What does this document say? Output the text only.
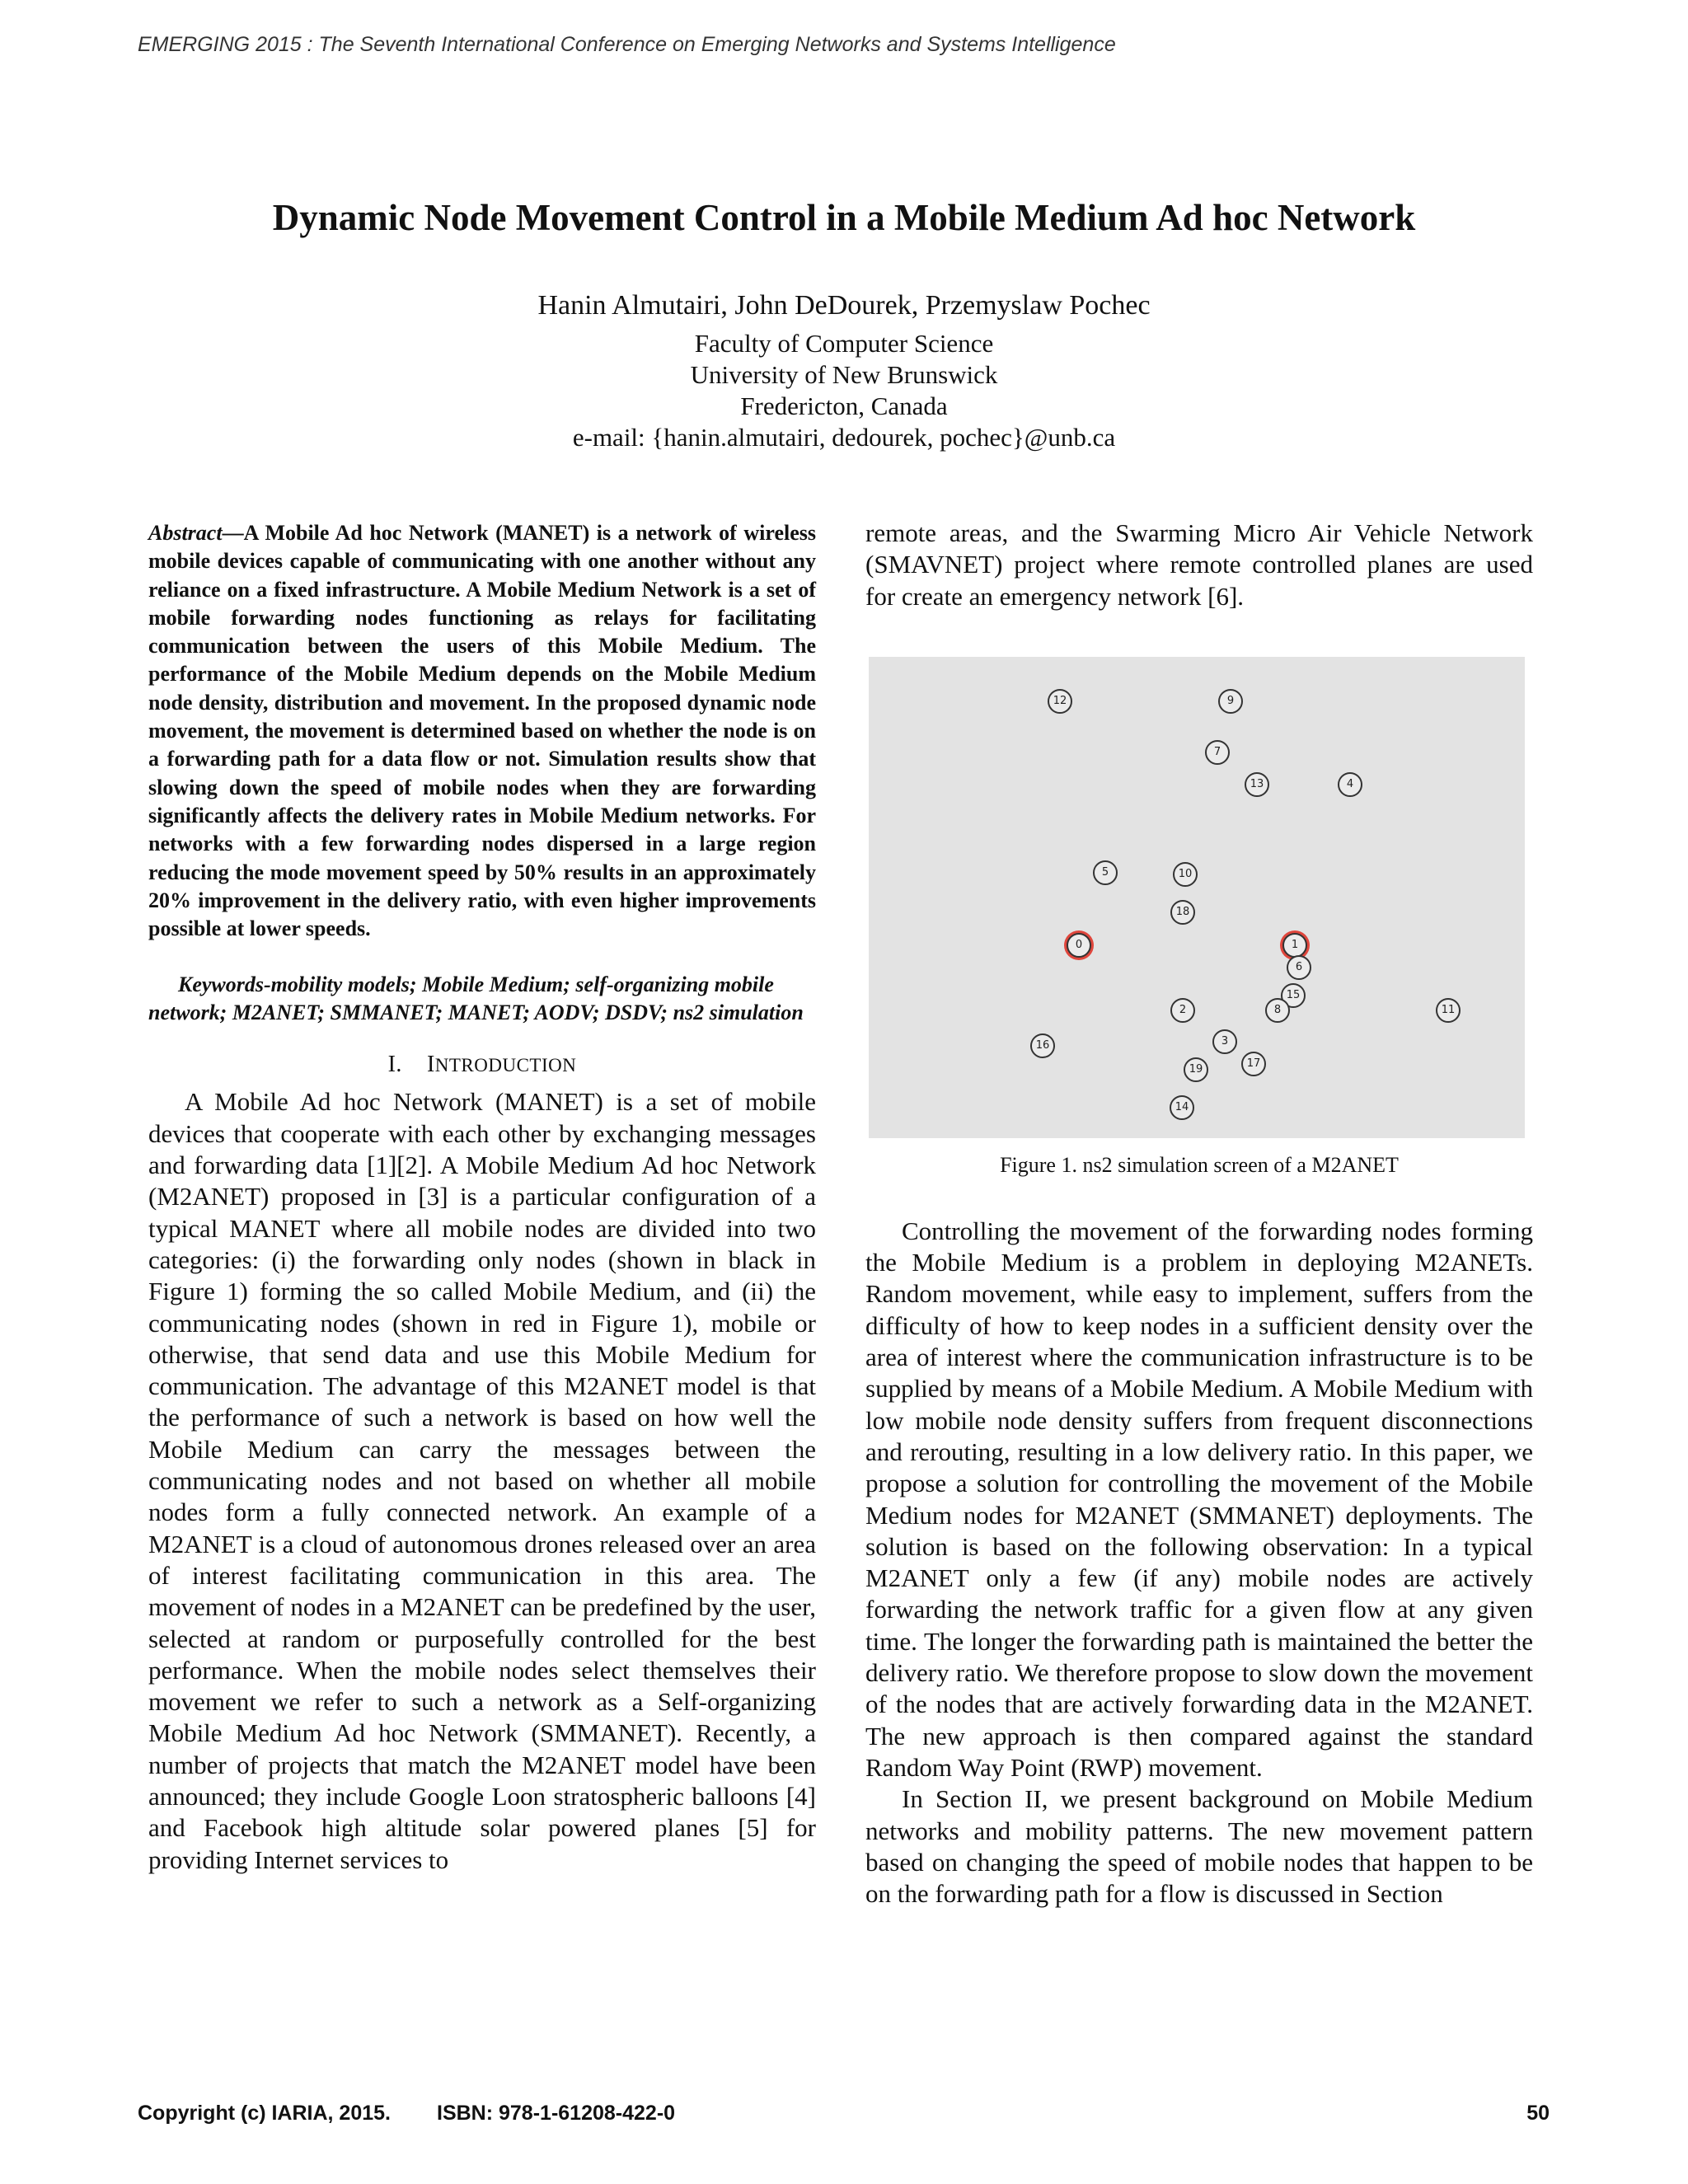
EMERGING 2015 : The Seventh International Conference on Emerging Networks and Systems Intelligence
Dynamic Node Movement Control in a Mobile Medium Ad hoc Network
Hanin Almutairi, John DeDourek, Przemyslaw Pochec
Faculty of Computer Science
University of New Brunswick
Fredericton, Canada
e-mail: {hanin.almutairi, dedourek, pochec}@unb.ca

Abstract—A Mobile Ad hoc Network (MANET) is a network of wireless mobile devices capable of communicating with one another without any reliance on a fixed infrastructure. A Mobile Medium Network is a set of mobile forwarding nodes functioning as relays for facilitating communication between the users of this Mobile Medium. The performance of the Mobile Medium depends on the Mobile Medium node density, distribution and movement. In the proposed dynamic node movement, the movement is determined based on whether the node is on a forwarding path for a data flow or not. Simulation results show that slowing down the speed of mobile nodes when they are forwarding significantly affects the delivery rates in Mobile Medium networks. For networks with a few forwarding nodes dispersed in a large region reducing the mode movement speed by 50% results in an approximately 20% improvement in the delivery ratio, with even higher improvements possible at lower speeds.

Keywords-mobility models; Mobile Medium; self-organizing mobile network; M2ANET; SMMANET; MANET; AODV; DSDV; ns2 simulation

I. INTRODUCTION

A Mobile Ad hoc Network (MANET) is a set of mobile devices that cooperate with each other by exchanging messages and forwarding data [1][2]. A Mobile Medium Ad hoc Network (M2ANET) proposed in [3] is a particular configuration of a typical MANET where all mobile nodes are divided into two categories: (i) the forwarding only nodes (shown in black in Figure 1) forming the so called Mobile Medium, and (ii) the communicating nodes (shown in red in Figure 1), mobile or otherwise, that send data and use this Mobile Medium for communication. The advantage of this M2ANET model is that the performance of such a network is based on how well the Mobile Medium can carry the messages between the communicating nodes and not based on whether all mobile nodes form a fully connected network. An example of a M2ANET is a cloud of autonomous drones released over an area of interest facilitating communication in this area. The movement of nodes in a M2ANET can be predefined by the user, selected at random or purposefully controlled for the best performance. When the mobile nodes select themselves their movement we refer to such a network as a Self-organizing Mobile Medium Ad hoc Network (SMMANET). Recently, a number of projects that match the M2ANET model have been announced; they include Google Loon stratospheric balloons [4] and Facebook high altitude solar powered planes [5] for providing Internet services to

remote areas, and the Swarming Micro Air Vehicle Network (SMAVNET) project where remote controlled planes are used for create an emergency network [6].

12	9
7
13	4
5	10
18
0	1
6
15
8	11
2
3
16
17
19
14
Figure 1. ns2 simulation screen of a M2ANET

Controlling the movement of the forwarding nodes forming the Mobile Medium is a problem in deploying M2ANETs. Random movement, while easy to implement, suffers from the difficulty of how to keep nodes in a sufficient density over the area of interest where the communication infrastructure is to be supplied by means of a Mobile Medium. A Mobile Medium with low mobile node density suffers from frequent disconnections and rerouting, resulting in a low delivery ratio. In this paper, we propose a solution for controlling the movement of the Mobile Medium nodes for M2ANET (SMMANET) deployments. The solution is based on the following observation: In a typical M2ANET only a few (if any) mobile nodes are actively forwarding the network traffic for a given flow at any given time. The longer the forwarding path is maintained the better the delivery ratio. We therefore propose to slow down the movement of the nodes that are actively forwarding data in the M2ANET. The new approach is then compared against the standard Random Way Point (RWP) movement.

In Section II, we present background on Mobile Medium networks and mobility patterns. The new movement pattern based on changing the speed of mobile nodes that happen to be on the forwarding path for a flow is discussed in Section

Copyright (c) IARIA, 2015. ISBN: 978-1-61208-422-0	50
